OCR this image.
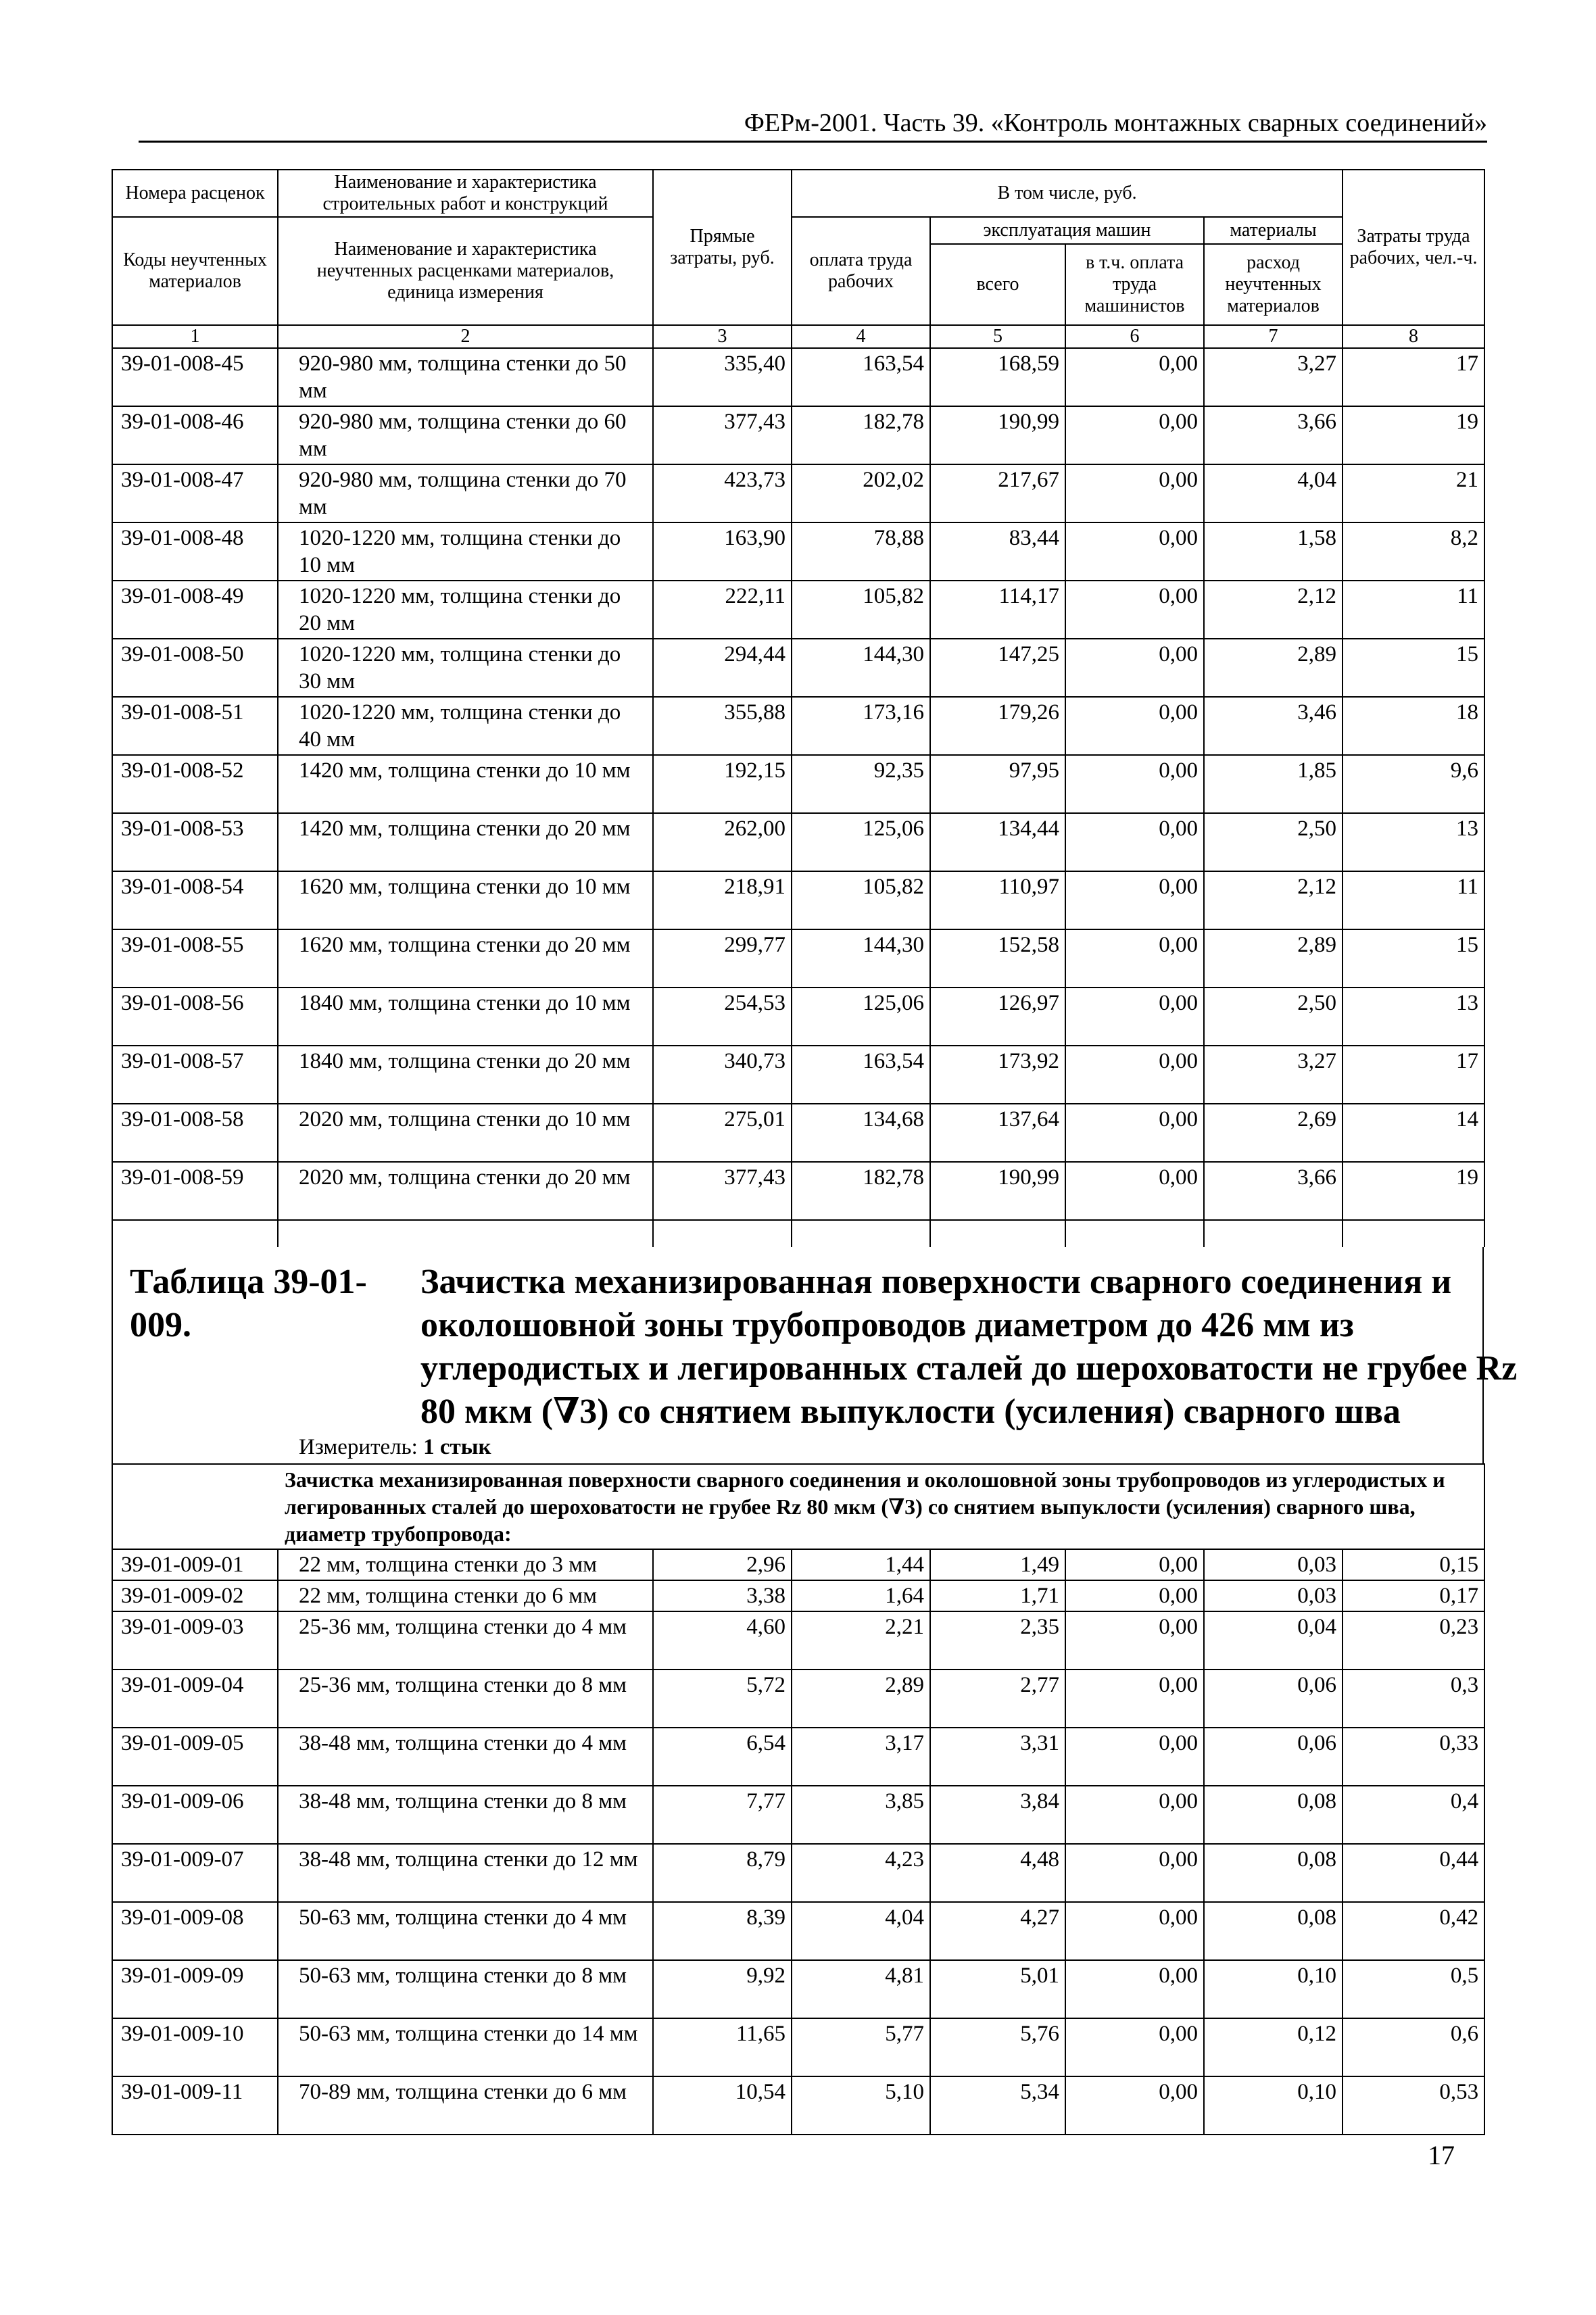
ФЕРм-2001. Часть 39. «Контроль монтажных сварных соединений»
Номера расценок	Наименование и характеристика строительных работ и конструкций	Прямые затраты, руб.	В том числе, руб.				Затраты труда рабочих, чел.-ч.
Коды неучтенных материалов	Наименование и характеристика неучтенных расценками материалов, единица измерения		оплата труда рабочих	эксплуатация машин		материалы	
				всего	в т.ч. оплата труда машинистов	расход неучтенных материалов	

1	2	3	4	5	6	7	8
39-01-008-45	920-980 мм, толщина стенки до 50 мм	335,40	163,54	168,59	0,00	3,27	17
39-01-008-46	920-980 мм, толщина стенки до 60 мм	377,43	182,78	190,99	0,00	3,66	19
39-01-008-47	920-980 мм, толщина стенки до 70 мм	423,73	202,02	217,67	0,00	4,04	21
39-01-008-48	1020-1220 мм, толщина стенки до 10 мм	163,90	78,88	83,44	0,00	1,58	8,2
39-01-008-49	1020-1220 мм, толщина стенки до 20 мм	222,11	105,82	114,17	0,00	2,12	11
39-01-008-50	1020-1220 мм, толщина стенки до 30 мм	294,44	144,30	147,25	0,00	2,89	15
39-01-008-51	1020-1220 мм, толщина стенки до 40 мм	355,88	173,16	179,26	0,00	3,46	18
39-01-008-52	1420 мм, толщина стенки до 10 мм	192,15	92,35	97,95	0,00	1,85	9,6
39-01-008-53	1420 мм, толщина стенки до 20 мм	262,00	125,06	134,44	0,00	2,50	13
39-01-008-54	1620 мм, толщина стенки до 10 мм	218,91	105,82	110,97	0,00	2,12	11
39-01-008-55	1620 мм, толщина стенки до 20 мм	299,77	144,30	152,58	0,00	2,89	15
39-01-008-56	1840 мм, толщина стенки до 10 мм	254,53	125,06	126,97	0,00	2,50	13
39-01-008-57	1840 мм, толщина стенки до 20 мм	340,73	163,54	173,92	0,00	3,27	17
39-01-008-58	2020 мм, толщина стенки до 10 мм	275,01	134,68	137,64	0,00	2,69	14
39-01-008-59	2020 мм, толщина стенки до 20 мм	377,43	182,78	190,99	0,00	3,66	19

Таблица 39-01-009.
Зачистка механизированная поверхности сварного соединения и
околошовной зоны трубопроводов диаметром до 426 мм из
углеродистых и легированных сталей до шероховатости не грубее Rz
80 мкм (∇3) со снятием выпуклости (усиления) сварного шва
Измеритель: 1 стык
	Зачистка механизированная поверхности сварного соединения и околошовной зоны трубопроводов из углеродистых и легированных сталей до шероховатости не грубее Rz 80 мкм (∇3) со снятием выпуклости (усиления) сварного шва, диаметр трубопровода:						
39-01-009-01	22 мм, толщина стенки до 3 мм	2,96	1,44	1,49	0,00	0,03	0,15
39-01-009-02	22 мм, толщина стенки до 6 мм	3,38	1,64	1,71	0,00	0,03	0,17
39-01-009-03	25-36 мм, толщина стенки до 4 мм	4,60	2,21	2,35	0,00	0,04	0,23
39-01-009-04	25-36 мм, толщина стенки до 8 мм	5,72	2,89	2,77	0,00	0,06	0,3
39-01-009-05	38-48 мм, толщина стенки до 4 мм	6,54	3,17	3,31	0,00	0,06	0,33
39-01-009-06	38-48 мм, толщина стенки до 8 мм	7,77	3,85	3,84	0,00	0,08	0,4
39-01-009-07	38-48 мм, толщина стенки до 12 мм	8,79	4,23	4,48	0,00	0,08	0,44
39-01-009-08	50-63 мм, толщина стенки до 4 мм	8,39	4,04	4,27	0,00	0,08	0,42
39-01-009-09	50-63 мм, толщина стенки до 8 мм	9,92	4,81	5,01	0,00	0,10	0,5
39-01-009-10	50-63 мм, толщина стенки до 14 мм	11,65	5,77	5,76	0,00	0,12	0,6
39-01-009-11	70-89 мм, толщина стенки до 6 мм	10,54	5,10	5,34	0,00	0,10	0,53
17
